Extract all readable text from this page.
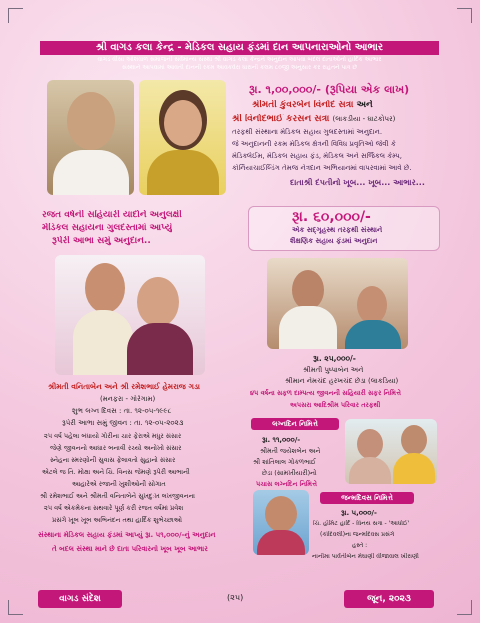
શ્રી વાગડ કલા કેન્દ્ર - મેડિકલ સહાય ફંડમાં દાન આપનારાઓનો આભાર
વાગડ વીસા ઓશવાળ સમાજની સર્વમાન્ય સંસ્થા શ્રી વાગડ કલા કેન્દ્રને અનુદાન આપવા બદલ દાતાઓનો હાર્દિક આભાર
સંસ્થાને આપવામાં આવતી દાનની રકમ આવકવેરા ધારાની કલમ ૮૦જી અનુસાર કર રાહતને પાત્ર છે
રૂા. ૧,૦૦,૦૦૦/- (રૂપિયા એક લાખ)
શ્રીમતી કુંવરબેન વિનોદ સત્રા અને
શ્રી વિનોદભાઈ કરસન સત્રા (લાકડીયા - ઘાટકોપર)
તરફથી સંસ્થાના મેડિકલ સહાય ગુલદસ્તામાં અનુદાન.
જે અનુદાનની રકમ મેડિકલ ક્ષેત્રની વિવિધ પ્રવૃતિઓ જેવી કે
મેડિક્લેઈમ, મેડિકલ સહાય ફંડ, મેડિકલ અને સર્જિકલ કેમ્પ,
કોર્નિયાચાઈલ્ડિંગ તેમજ નેત્રદાન અભિયાનમાં વાપરવામાં આવે છે.
દાતાશ્રી દંપતીનો ખૂબ... ખૂબ... આભાર...
રજત વર્ષની સહિયારી યાદોને અનુલક્ષી
મેડિકલ સહાયના ગુલદસ્તામાં આપ્યું
રૂપેરી આભા સમું અનુદાન..
શ્રીમતી વનિતાબેન અને શ્રી રમેશભાઈ હેમરાજ ગડા
(મનફરા - ગોરેગામ)
શુભ લગ્ન દિવસ : તા. ૧૨-૦૫-૧૯૯૮
રૂપેરી આભા સમું જીવન : તા. ૧૨-૦૫-૨૦૨૩
૨૫ વર્ષ પહેલા બંધાયો ગોરીના ચાર ફેરાએ મધુર સંસાર
જેણે જીવનનો આધાર બનાવી રચ્યો અનોખો સંસાર
સ્નેહના સ્મરણોની સુવાસ ફેલાવતો સુહાનો સંસાર
એટલે જ તિ. મોક્ષા અને ચિ. વિનસ જેમણે રૂપેરી આભાની
આહારેએ રજાની ખુશીઓની સોગાત
શ્રી રમેશભાઈ અને શ્રીમતી વનિતાબેને સુખદુઃખ લખજીવનના
૨૫ વર્ષ એકમેકના સથવારે પૂર્ણ કરી રજત વર્ષમાં પ્રવેશ
પ્રસંગે ખૂબ ખૂબ અભિનંદન તથા હાર્દિક શુભેચ્છાઓ
સંસ્થાના મેડિકલ સહાય ફંડમાં આપ્યું રૂા. ૫૧,૦૦૦/-નું અનુદાન
તે બદલ સંસ્થા માને છે દાતા પરિવારનો ખૂબ ખૂબ આભાર
રૂા. ૬૦,૦૦૦/-
એક સદ્ગૃહસ્થ તરફથી સંસ્થાને
શૈક્ષણિક સહાય ફંડમાં અનુદાન
રૂા. ૨૫,૦૦૦/-
શ્રીમતી પુષ્પાબેન અને
શ્રીમાન નેમચંદ હરખચંદ છેડા (લાકડિયા)
૪૫ વર્ષના સફળ દામ્પત્ય જીવનની સહિયારી સફર નિમિત્તે
અપસરા આદિશ્રીમ પરિવાર તરફથી
લગ્નદિન નિમિત્તે
રૂા. ૧૧,૦૦૦/-
શ્રીમતી જયેશબેન અને
શ્રી શાંતિલાલ ગોકળભાઈ
છેડા (સામખીયારી)નો
પચાસ લગ્નદિન નિમિત્તે
જન્મદિવસ નિમિત્તે
રૂા. ૫,૦૦૦/-
ચિ. હૉર્મિટ હાર્દિ - વિનય સત્રા - 'આધોઈ'
(કાંદિવલી)ના જન્મદિવસ પ્રસંગે
હસ્તે :
નાનીમા પાર્વતીબેન મેઘાણી વીંજાવાલ ખીરાણી
વાગડ સંદેશ	(૨૫)	જૂન, ૨૦૨૩
